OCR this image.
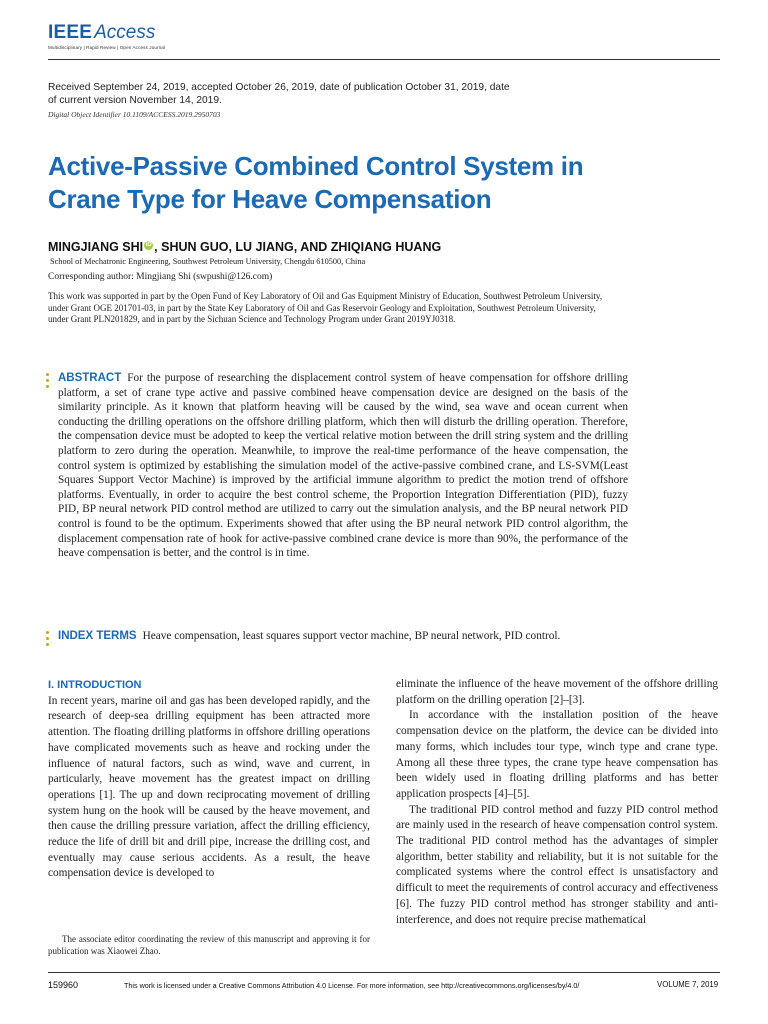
IEEE Access
Multidisciplinary | Rapid Review | Open Access Journal
Received September 24, 2019, accepted October 26, 2019, date of publication October 31, 2019, date of current version November 14, 2019.
Digital Object Identifier 10.1109/ACCESS.2019.2950703
Active-Passive Combined Control System in Crane Type for Heave Compensation
MINGJIANG SHI iD , SHUN GUO, LU JIANG, AND ZHIQIANG HUANG
School of Mechatronic Engineering, Southwest Petroleum University, Chengdu 610500, China
Corresponding author: Mingjiang Shi (swpushi@126.com)
This work was supported in part by the Open Fund of Key Laboratory of Oil and Gas Equipment Ministry of Education, Southwest Petroleum University, under Grant OGE 201701-03, in part by the State Key Laboratory of Oil and Gas Reservoir Geology and Exploitation, Southwest Petroleum University, under Grant PLN201829, and in part by the Sichuan Science and Technology Program under Grant 2019YJ0318.
ABSTRACT For the purpose of researching the displacement control system of heave compensation for offshore drilling platform, a set of crane type active and passive combined heave compensation device are designed on the basis of the similarity principle. As it known that platform heaving will be caused by the wind, sea wave and ocean current when conducting the drilling operations on the offshore drilling platform, which then will disturb the drilling operation. Therefore, the compensation device must be adopted to keep the vertical relative motion between the drill string system and the drilling platform to zero during the operation. Meanwhile, to improve the real-time performance of the heave compensation, the control system is optimized by establishing the simulation model of the active-passive combined crane, and LS-SVM(Least Squares Support Vector Machine) is improved by the artificial immune algorithm to predict the motion trend of offshore platforms. Eventually, in order to acquire the best control scheme, the Proportion Integration Differentiation (PID), fuzzy PID, BP neural network PID control method are utilized to carry out the simulation analysis, and the BP neural network PID control is found to be the optimum. Experiments showed that after using the BP neural network PID control algorithm, the displacement compensation rate of hook for active-passive combined crane device is more than 90%, the performance of the heave compensation is better, and the control is in time.
INDEX TERMS Heave compensation, least squares support vector machine, BP neural network, PID control.
I. INTRODUCTION

In recent years, marine oil and gas has been developed rapidly, and the research of deep-sea drilling equipment has been attracted more attention. The floating drilling platforms in offshore drilling operations have complicated movements such as heave and rocking under the influence of natural factors, such as wind, wave and current, in particularly, heave movement has the greatest impact on drilling operations [1]. The up and down reciprocating movement of drilling system hung on the hook will be caused by the heave movement, and then cause the drilling pressure variation, affect the drilling efficiency, reduce the life of drill bit and drill pipe, increase the drilling cost, and eventually may cause serious accidents. As a result, the heave compensation device is developed to

eliminate the influence of the heave movement of the offshore drilling platform on the drilling operation [2]–[3].

In accordance with the installation position of the heave compensation device on the platform, the device can be divided into many forms, which includes tour type, winch type and crane type. Among all these three types, the crane type heave compensation has been widely used in floating drilling platforms and has better application prospects [4]–[5].

The traditional PID control method and fuzzy PID control method are mainly used in the research of heave compensation control system. The traditional PID control method has the advantages of simpler algorithm, better stability and reliability, but it is not suitable for the complicated systems where the control effect is unsatisfactory and difficult to meet the requirements of control accuracy and effectiveness [6]. The fuzzy PID control method has stronger stability and anti-interference, and does not require precise mathematical

The associate editor coordinating the review of this manuscript and approving it for publication was Xiaowei Zhao.
159960	This work is licensed under a Creative Commons Attribution 4.0 License. For more information, see http://creativecommons.org/licenses/by/4.0/	VOLUME 7, 2019
